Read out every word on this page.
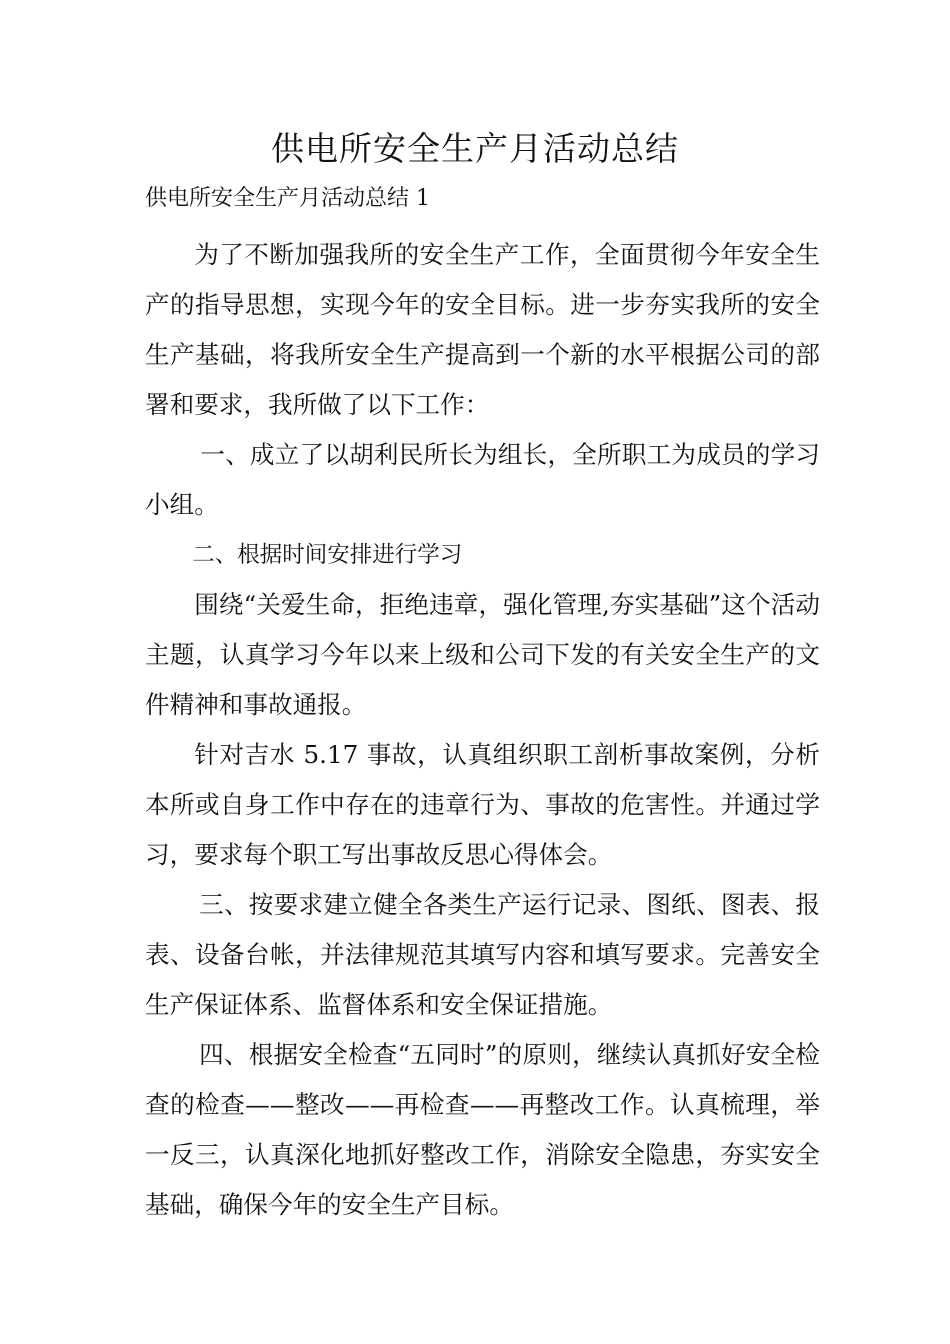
供电所安全生产月活动总结
供电所安全生产月活动总结 1

为了不断加强我所的安全生产工作，全面贯彻今年安全生产的指导思想，实现今年的安全目标。进一步夯实我所的安全生产基础，将我所安全生产提高到一个新的水平根据公司的部署和要求，我所做了以下工作：

一、成立了以胡利民所长为组长，全所职工为成员的学习小组。

二、根据时间安排进行学习

围绕“关爱生命，拒绝违章，强化管理,夯实基础”这个活动主题，认真学习今年以来上级和公司下发的有关安全生产的文件精神和事故通报。

针对吉水 5.17 事故，认真组织职工剖析事故案例，分析本所或自身工作中存在的违章行为、事故的危害性。并通过学习，要求每个职工写出事故反思心得体会。

三、按要求建立健全各类生产运行记录、图纸、图表、报表、设备台帐，并法律规范其填写内容和填写要求。完善安全生产保证体系、监督体系和安全保证措施。

四、根据安全检查“五同时”的原则，继续认真抓好安全检查的检查——整改——再检查——再整改工作。认真梳理，举一反三，认真深化地抓好整改工作，消除安全隐患，夯实安全基础，确保今年的安全生产目标。
